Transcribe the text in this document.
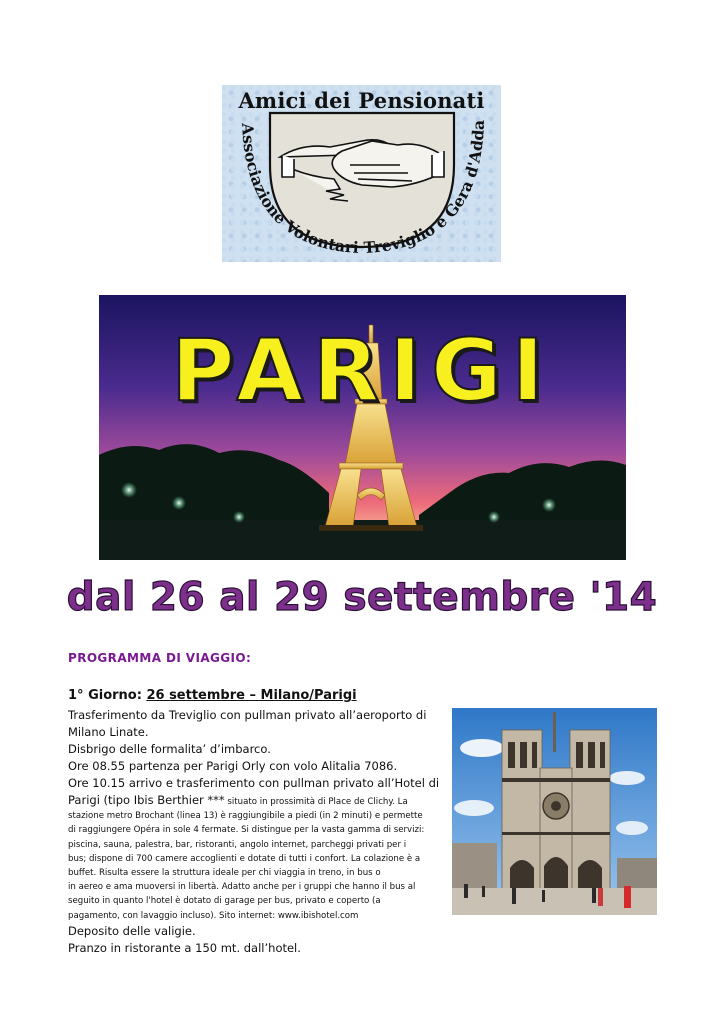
Associazione Volontari Treviglio e Gera d'Adda
Amici dei Pensionati
PARIGI
dal 26 al 29 settembre '14
PROGRAMMA DI VIAGGIO:
1° Giorno: 26 settembre – Milano/Parigi

Trasferimento da Treviglio con pullman privato all’aeroporto di

Milano Linate.

Disbrigo delle formalita’ d’imbarco.

Ore 08.55 partenza per Parigi Orly con volo Alitalia 7086.

Ore 10.15 arrivo e trasferimento con pullman privato all’Hotel di

Parigi (tipo Ibis Berthier *** situato in prossimità di Place de Clichy. La

stazione metro Brochant (linea 13) è raggiungibile a piedi (in 2 minuti) e permette

di raggiungere Opéra in sole 4 fermate. Si distingue per la vasta gamma di servizi:

piscina, sauna, palestra, bar, ristoranti, angolo internet, parcheggi privati per i

bus; dispone di 700 camere accoglienti e dotate di tutti i confort. La colazione è a

buffet. Risulta essere la struttura ideale per chi viaggia in treno, in bus o

in aereo e ama muoversi in libertà. Adatto anche per i gruppi che hanno il bus al

seguito in quanto l'hotel è dotato di garage per bus, privato e coperto (a

pagamento, con lavaggio incluso). Sito internet: www.ibishotel.com

Deposito delle valigie.

Pranzo in ristorante a 150 mt. dall’hotel.
